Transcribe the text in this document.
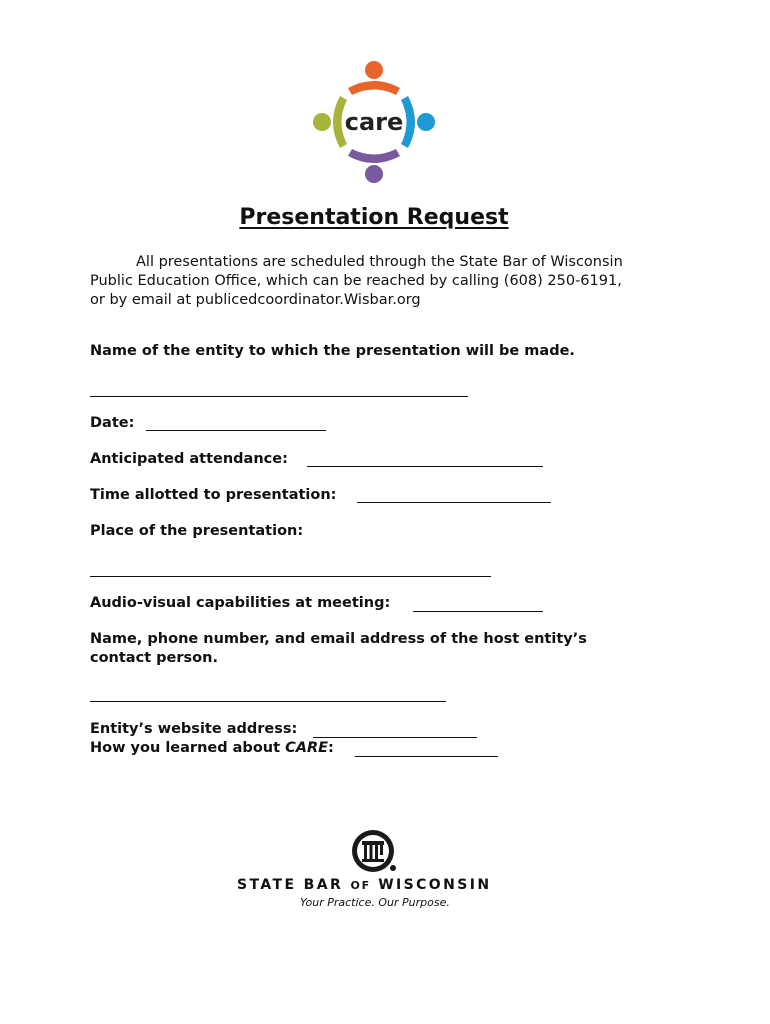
care
Presentation Request
All presentations are scheduled through the State Bar of Wisconsin
Public Education Office, which can be reached by calling (608) 250-6191,
or by email at publicedcoordinator.Wisbar.org
Name of the entity to which the presentation will be made.
Date:
Anticipated attendance:
Time allotted to presentation:
Place of the presentation:
Audio-visual capabilities at meeting:
Name, phone number, and email address of the host entity’s
contact person.
Entity’s website address:
How you learned about CARE:
STATE BAR OF WISCONSIN
Your Practice. Our Purpose.
